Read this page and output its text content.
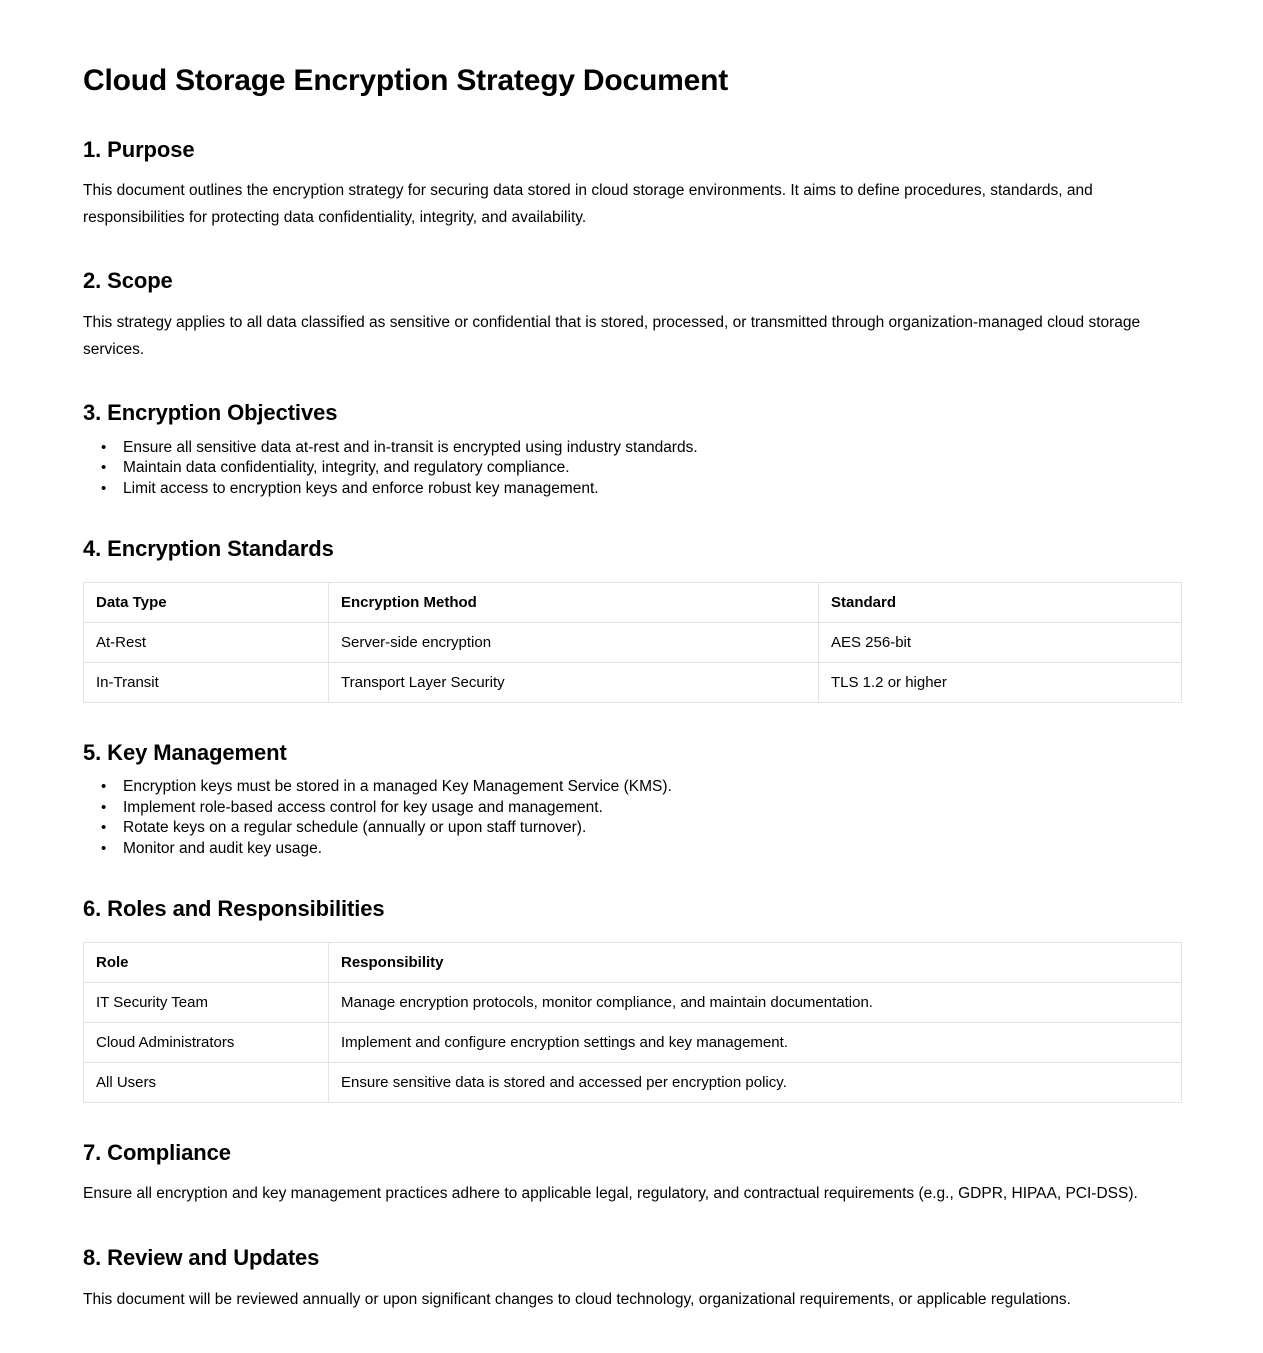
Cloud Storage Encryption Strategy Document
1. Purpose

This document outlines the encryption strategy for securing data stored in cloud storage environments. It aims to define procedures, standards, and responsibilities for protecting data confidentiality, integrity, and availability.

2. Scope

This strategy applies to all data classified as sensitive or confidential that is stored, processed, or transmitted through organization-managed cloud storage services.

3. Encryption Objectives
• Ensure all sensitive data at-rest and in-transit is encrypted using industry standards.
• Maintain data confidentiality, integrity, and regulatory compliance.
• Limit access to encryption keys and enforce robust key management.
4. Encryption Standards
Data Type	Encryption Method	Standard
At-Rest	Server-side encryption	AES 256-bit
In-Transit	Transport Layer Security	TLS 1.2 or higher
5. Key Management
• Encryption keys must be stored in a managed Key Management Service (KMS).
• Implement role-based access control for key usage and management.
• Rotate keys on a regular schedule (annually or upon staff turnover).
• Monitor and audit key usage.
6. Roles and Responsibilities
Role	Responsibility
IT Security Team	Manage encryption protocols, monitor compliance, and maintain documentation.
Cloud Administrators	Implement and configure encryption settings and key management.
All Users	Ensure sensitive data is stored and accessed per encryption policy.
7. Compliance

Ensure all encryption and key management practices adhere to applicable legal, regulatory, and contractual requirements (e.g., GDPR, HIPAA, PCI-DSS).

8. Review and Updates

This document will be reviewed annually or upon significant changes to cloud technology, organizational requirements, or applicable regulations.
